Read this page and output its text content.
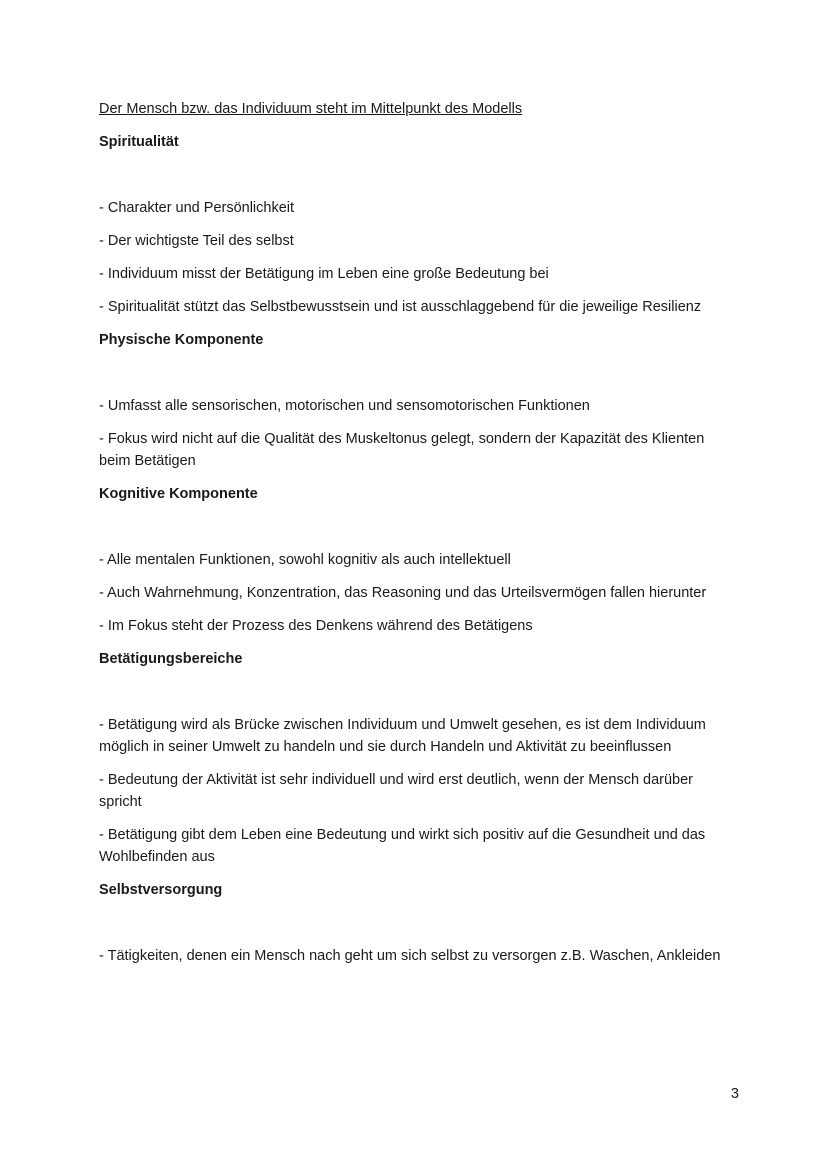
Der Mensch bzw. das Individuum steht im Mittelpunkt des Modells

Spiritualität

- Charakter und Persönlichkeit

- Der wichtigste Teil des selbst

- Individuum misst der Betätigung im Leben eine große Bedeutung bei

- Spiritualität stützt das Selbstbewusstsein und ist ausschlaggebend für die jeweilige Resilienz

Physische Komponente

- Umfasst alle sensorischen, motorischen und sensomotorischen Funktionen

- Fokus wird nicht auf die Qualität des Muskeltonus gelegt, sondern der Kapazität des Klienten beim Betätigen

Kognitive Komponente

- Alle mentalen Funktionen, sowohl kognitiv als auch intellektuell

- Auch Wahrnehmung, Konzentration, das Reasoning und das Urteilsvermögen fallen hierunter

- Im Fokus steht der Prozess des Denkens während des Betätigens

Betätigungsbereiche

- Betätigung wird als Brücke zwischen Individuum und Umwelt gesehen, es ist dem Individuum möglich in seiner Umwelt zu handeln und sie durch Handeln und Aktivität zu beeinflussen

- Bedeutung der Aktivität ist sehr individuell und wird erst deutlich, wenn der Mensch darüber spricht

- Betätigung gibt dem Leben eine Bedeutung und wirkt sich positiv auf die Gesundheit und das Wohlbefinden aus

Selbstversorgung

- Tätigkeiten, denen ein Mensch nach geht um sich selbst zu versorgen z.B. Waschen, Ankleiden

3
